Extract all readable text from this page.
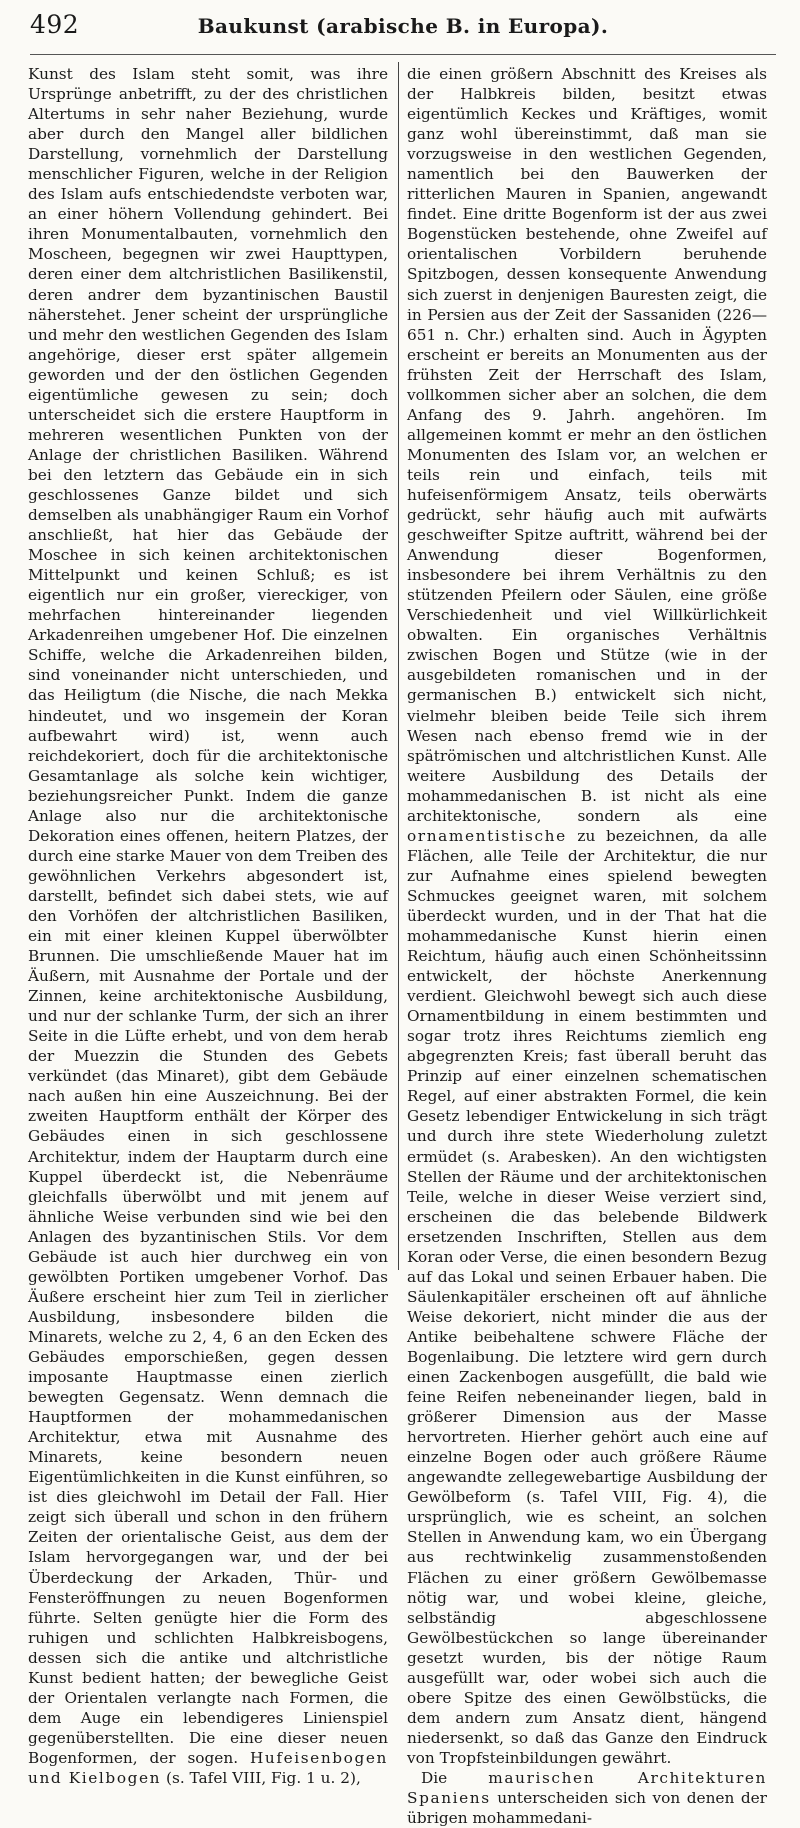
492	Baukunst (arabische B. in Europa).

Kunst des Islam steht somit, was ihre Ursprünge anbetrifft, zu der des christlichen Altertums in sehr naher Beziehung, wurde aber durch den Mangel aller bildlichen Darstellung, vornehmlich der Darstellung menschlicher Figuren, welche in der Religion des Islam aufs entschiedendste verboten war, an einer höhern Vollendung gehindert. Bei ihren Monumentalbauten, vornehmlich den Moscheen, begegnen wir zwei Haupttypen, deren einer dem altchristlichen Basilikenstil, deren andrer dem byzantinischen Baustil näherstehet. Jener scheint der ursprüngliche und mehr den westlichen Gegenden des Islam angehörige, dieser erst später allgemein geworden und der den östlichen Gegenden eigentümliche gewesen zu sein; doch unterscheidet sich die erstere Hauptform in mehreren wesentlichen Punkten von der Anlage der christlichen Basiliken. Während bei den letztern das Gebäude ein in sich geschlossenes Ganze bildet und sich demselben als unabhängiger Raum ein Vorhof anschließt, hat hier das Gebäude der Moschee in sich keinen architektonischen Mittelpunkt und keinen Schluß; es ist eigentlich nur ein großer, viereckiger, von mehrfachen hintereinander liegenden Arkadenreihen umgebener Hof. Die einzelnen Schiffe, welche die Arkadenreihen bilden, sind voneinander nicht unterschieden, und das Heiligtum (die Nische, die nach Mekka hindeutet, und wo insgemein der Koran aufbewahrt wird) ist, wenn auch reichdekoriert, doch für die architektonische Gesamtanlage als solche kein wichtiger, beziehungsreicher Punkt. Indem die ganze Anlage also nur die architektonische Dekoration eines offenen, heitern Platzes, der durch eine starke Mauer von dem Treiben des gewöhnlichen Verkehrs abgesondert ist, darstellt, befindet sich dabei stets, wie auf den Vorhöfen der altchristlichen Basiliken, ein mit einer kleinen Kuppel überwölbter Brunnen. Die umschließende Mauer hat im Äußern, mit Ausnahme der Portale und der Zinnen, keine architektonische Ausbildung, und nur der schlanke Turm, der sich an ihrer Seite in die Lüfte erhebt, und von dem herab der Muezzin die Stunden des Gebets verkündet (das Minaret), gibt dem Gebäude nach außen hin eine Auszeichnung. Bei der zweiten Hauptform enthält der Körper des Gebäudes einen in sich geschlossene Architektur, indem der Hauptarm durch eine Kuppel überdeckt ist, die Nebenräume gleichfalls überwölbt und mit jenem auf ähnliche Weise verbunden sind wie bei den Anlagen des byzantinischen Stils. Vor dem Gebäude ist auch hier durchweg ein von gewölbten Portiken umgebener Vorhof. Das Äußere erscheint hier zum Teil in zierlicher Ausbildung, insbesondere bilden die Minarets, welche zu 2, 4, 6 an den Ecken des Gebäudes emporschießen, gegen dessen imposante Hauptmasse einen zierlich bewegten Gegensatz. Wenn demnach die Hauptformen der mohammedanischen Architektur, etwa mit Ausnahme des Minarets, keine besondern neuen Eigentümlichkeiten in die Kunst einführen, so ist dies gleichwohl im Detail der Fall. Hier zeigt sich überall und schon in den frühern Zeiten der orientalische Geist, aus dem der Islam hervorgegangen war, und der bei Überdeckung der Arkaden, Thür- und Fensteröffnungen zu neuen Bogenformen führte. Selten genügte hier die Form des ruhigen und schlichten Halbkreisbogens, dessen sich die antike und altchristliche Kunst bedient hatten; der bewegliche Geist der Orientalen verlangte nach Formen, die dem Auge ein lebendigeres Linienspiel gegenüberstellten. Die eine dieser neuen Bogenformen, der sogen. Hufeisenbogen und Kielbogen (s. Tafel VIII, Fig. 1 u. 2),

die einen größern Abschnitt des Kreises als der Halbkreis bilden, besitzt etwas eigentümlich Keckes und Kräftiges, womit ganz wohl übereinstimmt, daß man sie vorzugsweise in den westlichen Gegenden, namentlich bei den Bauwerken der ritterlichen Mauren in Spanien, angewandt findet. Eine dritte Bogenform ist der aus zwei Bogenstücken bestehende, ohne Zweifel auf orientalischen Vorbildern beruhende Spitzbogen, dessen konsequente Anwendung sich zuerst in denjenigen Bauresten zeigt, die in Persien aus der Zeit der Sassaniden (226—651 n. Chr.) erhalten sind. Auch in Ägypten erscheint er bereits an Monumenten aus der frühsten Zeit der Herrschaft des Islam, vollkommen sicher aber an solchen, die dem Anfang des 9. Jahrh. angehören. Im allgemeinen kommt er mehr an den östlichen Monumenten des Islam vor, an welchen er teils rein und einfach, teils mit hufeisenförmigem Ansatz, teils oberwärts gedrückt, sehr häufig auch mit aufwärts geschweifter Spitze auftritt, während bei der Anwendung dieser Bogenformen, insbesondere bei ihrem Verhältnis zu den stützenden Pfeilern oder Säulen, eine größe Verschiedenheit und viel Willkürlichkeit obwalten. Ein organisches Verhältnis zwischen Bogen und Stütze (wie in der ausgebildeten romanischen und in der germanischen B.) entwickelt sich nicht, vielmehr bleiben beide Teile sich ihrem Wesen nach ebenso fremd wie in der spätrömischen und altchristlichen Kunst. Alle weitere Ausbildung des Details der mohammedanischen B. ist nicht als eine architektonische, sondern als eine ornamentistische zu bezeichnen, da alle Flächen, alle Teile der Architektur, die nur zur Aufnahme eines spielend bewegten Schmuckes geeignet waren, mit solchem überdeckt wurden, und in der That hat die mohammedanische Kunst hierin einen Reichtum, häufig auch einen Schönheitssinn entwickelt, der höchste Anerkennung verdient. Gleichwohl bewegt sich auch diese Ornamentbildung in einem bestimmten und sogar trotz ihres Reichtums ziemlich eng abgegrenzten Kreis; fast überall beruht das Prinzip auf einer einzelnen schematischen Regel, auf einer abstrakten Formel, die kein Gesetz lebendiger Entwickelung in sich trägt und durch ihre stete Wiederholung zuletzt ermüdet (s. Arabesken). An den wichtigsten Stellen der Räume und der architektonischen Teile, welche in dieser Weise verziert sind, erscheinen die das belebende Bildwerk ersetzenden Inschriften, Stellen aus dem Koran oder Verse, die einen besondern Bezug auf das Lokal und seinen Erbauer haben. Die Säulenkapitäler erscheinen oft auf ähnliche Weise dekoriert, nicht minder die aus der Antike beibehaltene schwere Fläche der Bogenlaibung. Die letztere wird gern durch einen Zackenbogen ausgefüllt, die bald wie feine Reifen nebeneinander liegen, bald in größerer Dimension aus der Masse hervortreten. Hierher gehört auch eine auf einzelne Bogen oder auch größere Räume angewandte zellegewebartige Ausbildung der Gewölbeform (s. Tafel VIII, Fig. 4), die ursprünglich, wie es scheint, an solchen Stellen in Anwendung kam, wo ein Übergang aus rechtwinkelig zusammenstoßenden Flächen zu einer größern Gewölbemasse nötig war, und wobei kleine, gleiche, selbständig abgeschlossene Gewölbestückchen so lange übereinander gesetzt wurden, bis der nötige Raum ausgefüllt war, oder wobei sich auch die obere Spitze des einen Gewölbstücks, die dem andern zum Ansatz dient, hängend niedersenkt, so daß das Ganze den Eindruck von Tropfsteinbildungen gewährt.

Die	maurischen Architekturen Spaniens unterscheiden sich von denen der übrigen mohammedani-
